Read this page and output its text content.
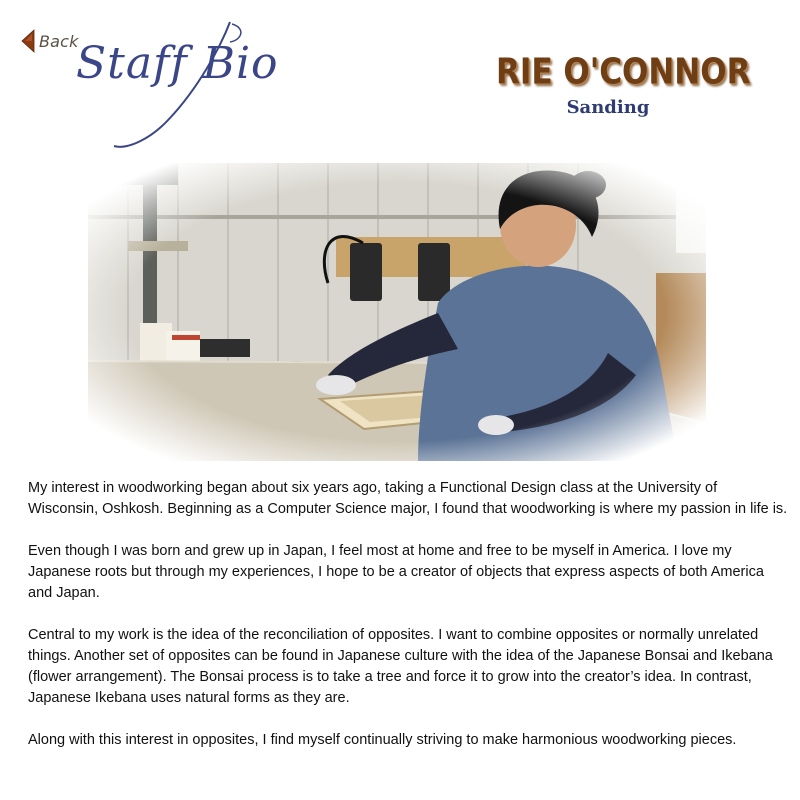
Back
Staff Bio	RIE O'CONNOR
Sanding

My interest in woodworking began about six years ago, taking a Functional Design class at the University of Wisconsin, Oshkosh. Beginning as a Computer Science major, I found that woodworking is where my passion in life is.

Even though I was born and grew up in Japan, I feel most at home and free to be myself in America. I love my Japanese roots but through my experiences, I hope to be a creator of objects that express aspects of both America and Japan.

Central to my work is the idea of the reconciliation of opposites. I want to combine opposites or normally unrelated things. Another set of opposites can be found in Japanese culture with the idea of the Japanese Bonsai and Ikebana (flower arrangement). The Bonsai process is to take a tree and force it to grow into the creator’s idea. In contrast, Japanese Ikebana uses natural forms as they are.

Along with this interest in opposites, I find myself continually striving to make harmonious woodworking pieces.
